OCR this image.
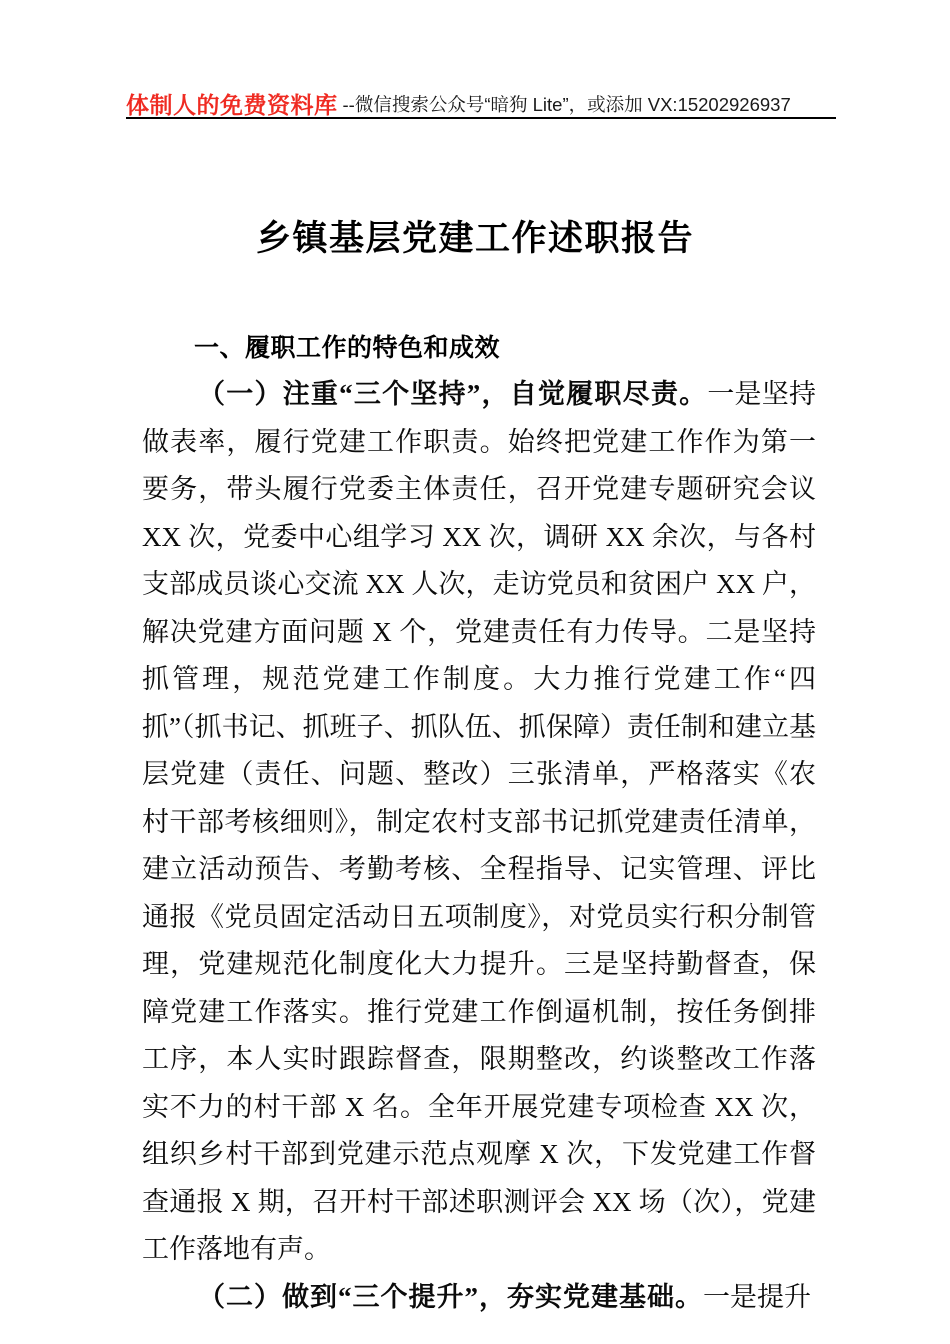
体制人的免费资料库 --微信搜索公众号“暗狗 Lite”，或添加 VX:15202926937
乡镇基层党建工作述职报告
一、履职工作的特色和成效

（一）注重“三个坚持”，自觉履职尽责。一是坚持做表率，履行党建工作职责。始终把党建工作作为第一要务，带头履行党委主体责任，召开党建专题研究会议 XX 次，党委中心组学习 XX 次，调研 XX 余次，与各村支部成员谈心交流 XX 人次，走访党员和贫困户 XX 户，解决党建方面问题 X 个，党建责任有力传导。二是坚持抓管理，规范党建工作制度。大力推行党建工作“四抓”（抓书记、抓班子、抓队伍、抓保障）责任制和建立基层党建（责任、问题、整改）三张清单，严格落实《农村干部考核细则》，制定农村支部书记抓党建责任清单，建立活动预告、考勤考核、全程指导、记实管理、评比通报《党员固定活动日五项制度》，对党员实行积分制管理，党建规范化制度化大力提升。三是坚持勤督查，保障党建工作落实。推行党建工作倒逼机制，按任务倒排工序，本人实时跟踪督查，限期整改，约谈整改工作落实不力的村干部 X 名。全年开展党建专项检查 XX 次，组织乡村干部到党建示范点观摩 X 次，下发党建工作督查通报 X 期，召开村干部述职测评会 XX 场（次），党建工作落地有声。

（二）做到“三个提升”，夯实党建基础。一是提升
